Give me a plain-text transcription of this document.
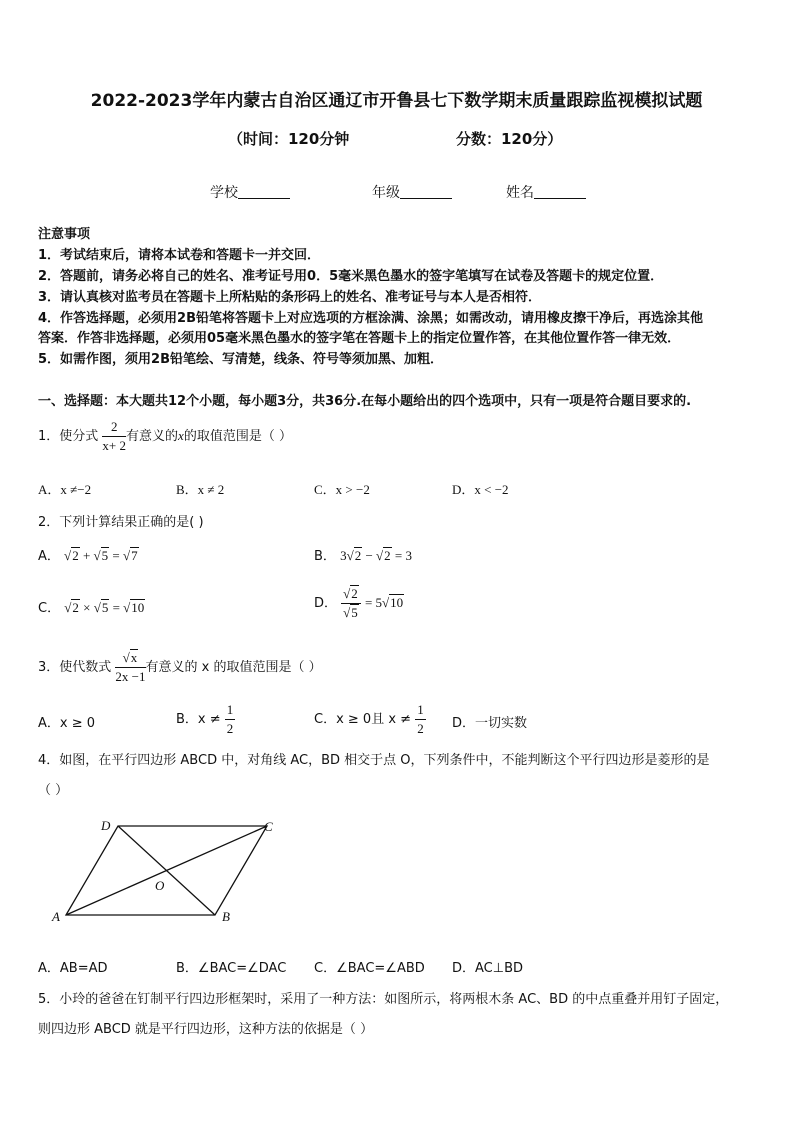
2022-2023学年内蒙古自治区通辽市开鲁县七下数学期末质量跟踪监视模拟试题
（时间：120分钟	分数：120分）
学校	年级	姓名
注意事项
1．考试结束后，请将本试卷和答题卡一并交回．
2．答题前，请务必将自己的姓名、准考证号用0．5毫米黑色墨水的签字笔填写在试卷及答题卡的规定位置．
3．请认真核对监考员在答题卡上所粘贴的条形码上的姓名、准考证号与本人是否相符．
4．作答选择题，必须用2B铅笔将答题卡上对应选项的方框涂满、涂黑；如需改动，请用橡皮擦干净后，再选涂其他
答案．作答非选择题，必须用05毫米黑色墨水的签字笔在答题卡上的指定位置作答，在其他位置作答一律无效．
5．如需作图，须用2B铅笔绘、写清楚，线条、符号等须加黑、加粗．
一、选择题：本大题共12个小题，每小题3分，共36分.在每小题给出的四个选项中，只有一项是符合题目要求的.
1．使分式 $\frac{2}{x+ 2}$ 有意义的x的取值范围是（ ）
A．x ≠−2	B．x ≠ 2	C．x > −2	D．x < −2
2．下列计算结果正确的是( )
A． √2 + √5 = √7	B． 3√2 − √2 = 3
C． √2 × √5 = √10	D． $\frac{√2}{√5} = 5√10$
3．使代数式 $\frac{√x}{2x -1}$ 有意义的 x 的取值范围是（ ）
A．x ≥ 0	B．$x \ne \frac{1}{2}$	C．x ≥ 0且 $x \ne \frac{1}{2}$ D．一切实数
4．如图，在平行四边形 ABCD 中，对角线 AC，BD 相交于点 O，下列条件中，不能判断这个平行四边形是菱形的是
（ ）
A	B
C
D
O
A．AB=AD	B．∠BAC=∠DAC C．∠BAC=∠ABD D．AC⊥BD
5．小玲的爸爸在钉制平行四边形框架时，采用了一种方法：如图所示，将两根木条 AC、BD 的中点重叠并用钉子固定，
则四边形 ABCD 就是平行四边形，这种方法的依据是（ ）
